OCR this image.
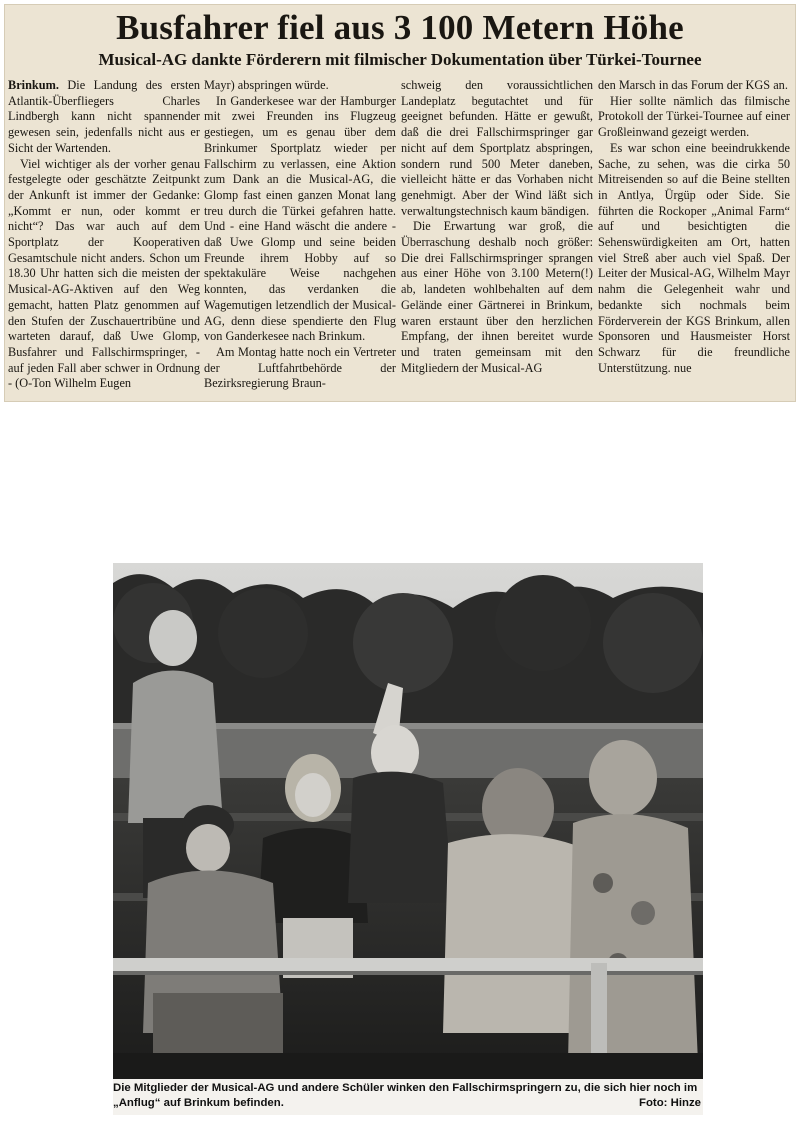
Busfahrer fiel aus 3 100 Metern Höhe
Musical-AG dankte Förderern mit filmischer Dokumentation über Türkei-Tournee

Brinkum. Die Landung des ersten Atlantik-Überfliegers Charles Lindbergh kann nicht spannender gewesen sein, jedenfalls nicht aus er Sicht der Wartenden.

Viel wichtiger als der vorher genau festgelegte oder geschätzte Zeitpunkt der Ankunft ist immer der Gedanke: „Kommt er nun, oder kommt er nicht“? Das war auch auf dem Sportplatz der Kooperativen Gesamtschule nicht anders. Schon um 18.30 Uhr hatten sich die meisten der Musical-AG-Aktiven auf den Weg gemacht, hatten Platz genommen auf den Stufen der Zuschauertribüne und warteten darauf, daß Uwe Glomp, Busfahrer und Fallschirmspringer, - auf jeden Fall aber schwer in Ordnung - (O-Ton Wilhelm Eugen

Mayr) abspringen würde.

In Ganderkesee war der Hamburger mit zwei Freunden ins Flugzeug gestiegen, um es genau über dem Brinkumer Sportplatz wieder per Fallschirm zu verlassen, eine Aktion zum Dank an die Musical-AG, die Glomp fast einen ganzen Monat lang treu durch die Türkei gefahren hatte. Und - eine Hand wäscht die andere - daß Uwe Glomp und seine beiden Freunde ihrem Hobby auf so spektakuläre Weise nachgehen konnten, das verdanken die Wagemutigen letzendlich der Musical-AG, denn diese spendierte den Flug von Ganderkesee nach Brinkum.

Am Montag hatte noch ein Vertreter der Luftfahrtbehörde der Bezirksregierung Braun-

schweig den voraussichtlichen Landeplatz begutachtet und für geeignet befunden. Hätte er gewußt, daß die drei Fallschirmspringer gar nicht auf dem Sportplatz abspringen, sondern rund 500 Meter daneben, vielleicht hätte er das Vorhaben nicht genehmigt. Aber der Wind läßt sich verwaltungstechnisch kaum bändigen.

Die Erwartung war groß, die Überraschung deshalb noch größer: Die drei Fallschirmspringer sprangen aus einer Höhe von 3.100 Metern(!) ab, landeten wohlbehalten auf dem Gelände einer Gärtnerei in Brinkum, waren erstaunt über den herzlichen Empfang, der ihnen bereitet wurde und traten gemeinsam mit den Mitgliedern der Musical-AG

den Marsch in das Forum der KGS an.

Hier sollte nämlich das filmische Protokoll der Türkei-Tournee auf einer Großleinwand gezeigt werden.

Es war schon eine beeindrukkende Sache, zu sehen, was die cirka 50 Mitreisenden so auf die Beine stellten in Antlya, Ürgüp oder Side. Sie führten die Rockoper „Animal Farm“ auf und besichtigten die Sehenswürdigkeiten am Ort, hatten viel Streß aber auch viel Spaß. Der Leiter der Musical-AG, Wilhelm Mayr nahm die Gelegenheit wahr und bedankte sich nochmals beim Förderverein der KGS Brinkum, allen Sponsoren und Hausmeister Horst Schwarz für die freundliche Unterstützung. nue

Die Mitglieder der Musical-AG und andere Schüler winken den Fallschirmspringern zu, die sich hier noch im „Anflug“ auf Brinkum befinden.	Foto: Hinze
